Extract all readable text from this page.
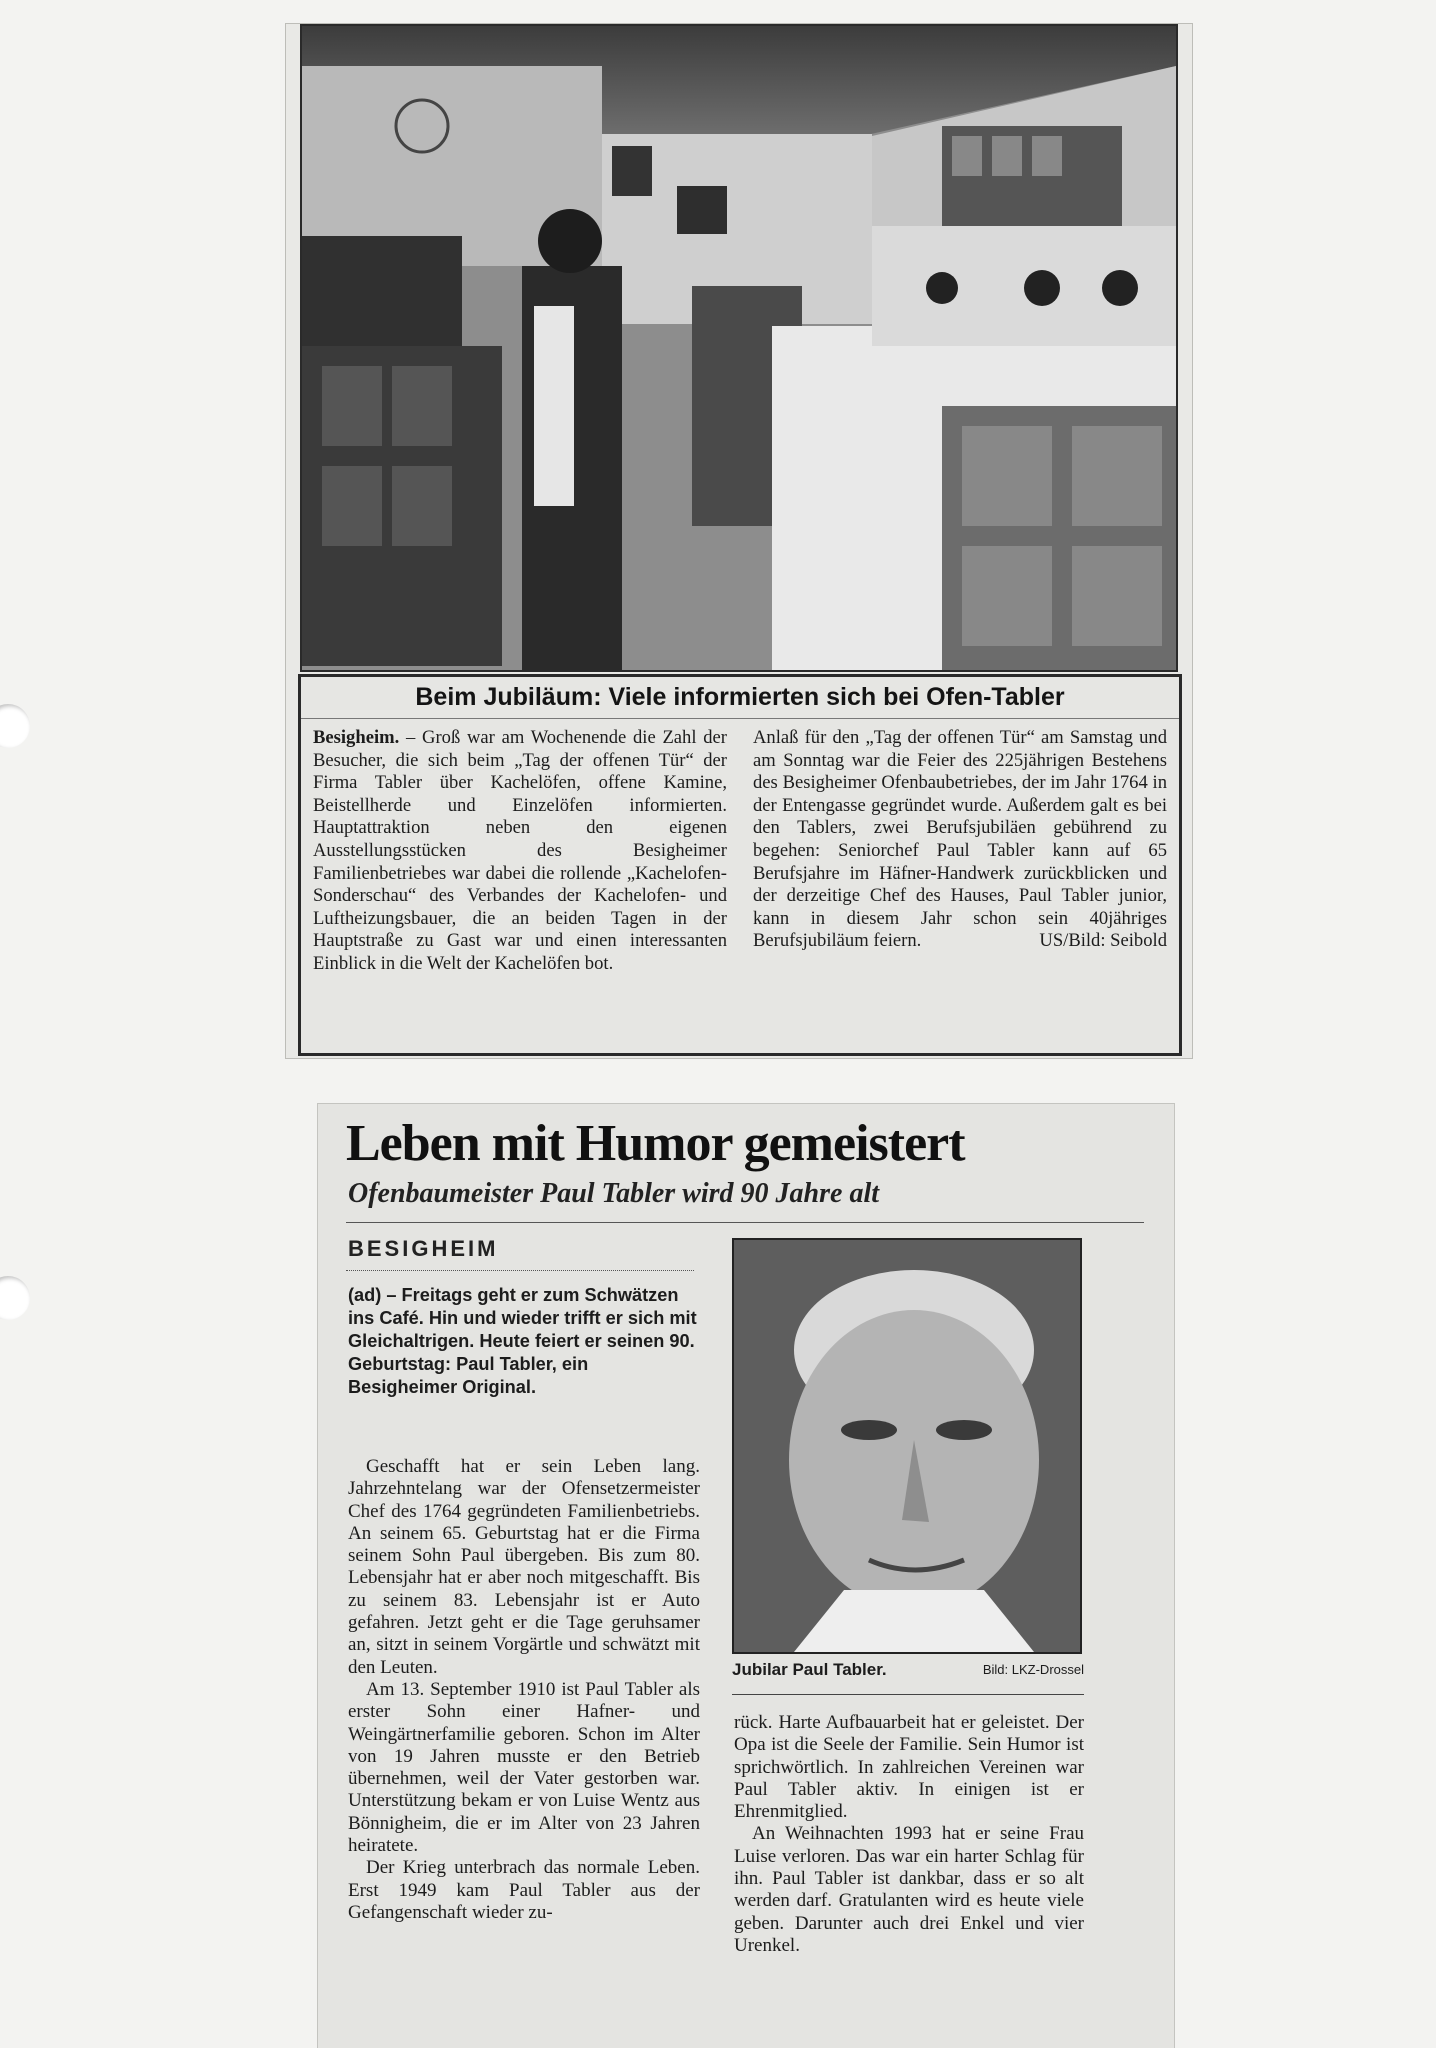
Beim Jubiläum: Viele informierten sich bei Ofen-Tabler
Besigheim. – Groß war am Wochenende die Zahl der Besucher, die sich beim „Tag der offenen Tür“ der Firma Tabler über Kachelöfen, offene Kamine, Beistellherde und Einzelöfen informierten. Hauptattraktion neben den eigenen Ausstellungsstücken des Besigheimer Familienbetriebes war dabei die rollende „Kachelofen-Sonderschau“ des Verbandes der Kachelofen- und Luftheizungsbauer, die an beiden Tagen in der Hauptstraße zu Gast war und einen interessanten Einblick in die Welt der Kachelöfen bot.
Anlaß für den „Tag der offenen Tür“ am Samstag und am Sonntag war die Feier des 225jährigen Bestehens des Besigheimer Ofenbaubetriebes, der im Jahr 1764 in der Entengasse gegründet wurde. Außerdem galt es bei den Tablers, zwei Berufsjubiläen gebührend zu begehen: Seniorchef Paul Tabler kann auf 65 Berufsjahre im Häfner-Handwerk zurückblicken und der derzeitige Chef des Hauses, Paul Tabler junior, kann in diesem Jahr schon sein 40jähriges Berufsjubiläum feiern.	US/Bild: Seibold
Leben mit Humor gemeistert
Ofenbaumeister Paul Tabler wird 90 Jahre alt
BESIGHEIM

(ad) – Freitags geht er zum Schwätzen ins Café. Hin und wieder trifft er sich mit Gleichaltrigen. Heute feiert er seinen 90. Geburtstag: Paul Tabler, ein Besigheimer Original.

Geschafft hat er sein Leben lang. Jahrzehntelang war der Ofensetzermeister Chef des 1764 gegründeten Familienbetriebs. An seinem 65. Geburtstag hat er die Firma seinem Sohn Paul übergeben. Bis zum 80. Lebensjahr hat er aber noch mitgeschafft. Bis zu seinem 83. Lebensjahr ist er Auto gefahren. Jetzt geht er die Tage geruhsamer an, sitzt in seinem Vorgärtle und schwätzt mit den Leuten.

Am 13. September 1910 ist Paul Tabler als erster Sohn einer Hafner- und Weingärtnerfamilie geboren. Schon im Alter von 19 Jahren musste er den Betrieb übernehmen, weil der Vater gestorben war. Unterstützung bekam er von Luise Wentz aus Bönnigheim, die er im Alter von 23 Jahren heiratete.

Der Krieg unterbrach das normale Leben. Erst 1949 kam Paul Tabler aus der Gefangenschaft wieder zu-

Jubilar Paul Tabler.	Bild: LKZ-Drossel

rück. Harte Aufbauarbeit hat er geleistet. Der Opa ist die Seele der Familie. Sein Humor ist sprichwörtlich. In zahlreichen Vereinen war Paul Tabler aktiv. In einigen ist er Ehrenmitglied.

An Weihnachten 1993 hat er seine Frau Luise verloren. Das war ein harter Schlag für ihn. Paul Tabler ist dankbar, dass er so alt werden darf. Gratulanten wird es heute viele geben. Darunter auch drei Enkel und vier Urenkel.
